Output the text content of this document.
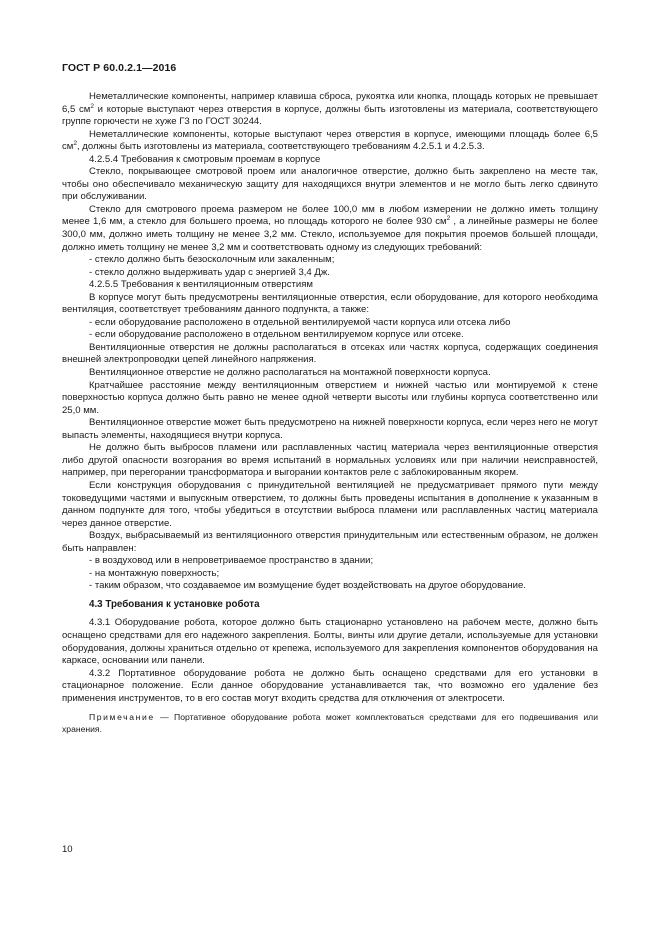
ГОСТ Р 60.0.2.1—2016

Неметаллические компоненты, например клавиша сброса, рукоятка или кнопка, площадь которых не превышает 6,5 $см^2$ и которые выступают через отверстия в корпусе, должны быть изготовлены из материала, соответствующего группе горючести не хуже Г3 по ГОСТ 30244.

Неметаллические компоненты, которые выступают через отверстия в корпусе, имеющими площадь более 6,5 $см^2$, должны быть изготовлены из материала, соответствующего требованиям 4.2.5.1 и 4.2.5.3.

4.2.5.4 Требования к смотровым проемам в корпусе

Стекло, покрывающее смотровой проем или аналогичное отверстие, должно быть закреплено на месте так, чтобы оно обеспечивало механическую защиту для находящихся внутри элементов и не могло быть легко сдвинуто при обслуживании.

Стекло для смотрового проема размером не более 100,0 мм в любом измерении не должно иметь толщину менее 1,6 мм, а стекло для большего проема, но площадь которого не более 930 $см^2$ , а линейные размеры не более 300,0 мм, должно иметь толщину не менее 3,2 мм. Стекло, используемое для покрытия проемов большей площади, должно иметь толщину не менее 3,2 мм и соответствовать одному из следующих требований:

- стекло должно быть безосколочным или закаленным;

- стекло должно выдерживать удар с энергией 3,4 Дж.

4.2.5.5 Требования к вентиляционным отверстиям

В корпусе могут быть предусмотрены вентиляционные отверстия, если оборудование, для которого необходима вентиляция, соответствует требованиям данного подпункта, а также:

- если оборудование расположено в отдельной вентилируемой части корпуса или отсека либо

- если оборудование расположено в отдельном вентилируемом корпусе или отсеке.

Вентиляционные отверстия не должны располагаться в отсеках или частях корпуса, содержащих соединения внешней электропроводки цепей линейного напряжения.

Вентиляционное отверстие не должно располагаться на монтажной поверхности корпуса.

Кратчайшее расстояние между вентиляционным отверстием и нижней частью или монтируемой к стене поверхностью корпуса должно быть равно не менее одной четверти высоты или глубины корпуса соответственно или 25,0 мм.

Вентиляционное отверстие может быть предусмотрено на нижней поверхности корпуса, если через него не могут выпасть элементы, находящиеся внутри корпуса.

Не должно быть выбросов пламени или расплавленных частиц материала через вентиляционные отверстия либо другой опасности возгорания во время испытаний в нормальных условиях или при наличии неисправностей, например, при перегорании трансформатора и выгорании контактов реле с заблокированным якорем.

Если конструкция оборудования с принудительной вентиляцией не предусматривает прямого пути между токоведущими частями и выпускным отверстием, то должны быть проведены испытания в дополнение к указанным в данном подпункте для того, чтобы убедиться в отсутствии выброса пламени или расплавленных частиц материала через данное отверстие.

Воздух, выбрасываемый из вентиляционного отверстия принудительным или естественным образом, не должен быть направлен:

- в воздуховод или в непроветриваемое пространство в здании;

- на монтажную поверхность;

- таким образом, что создаваемое им возмущение будет воздействовать на другое оборудование.

4.3 Требования к установке робота

4.3.1 Оборудование робота, которое должно быть стационарно установлено на рабочем месте, должно быть оснащено средствами для его надежного закрепления. Болты, винты или другие детали, используемые для установки оборудования, должны храниться отдельно от крепежа, используемого для закрепления компонентов оборудования на каркасе, основании или панели.

4.3.2 Портативное оборудование робота не должно быть оснащено средствами для его установки в стационарное положение. Если данное оборудование устанавливается так, что возможно его удаление без применения инструментов, то в его состав могут входить средства для отключения от электросети.

Примечание — Портативное оборудование робота может комплектоваться средствами для его подвешивания или хранения.

10
